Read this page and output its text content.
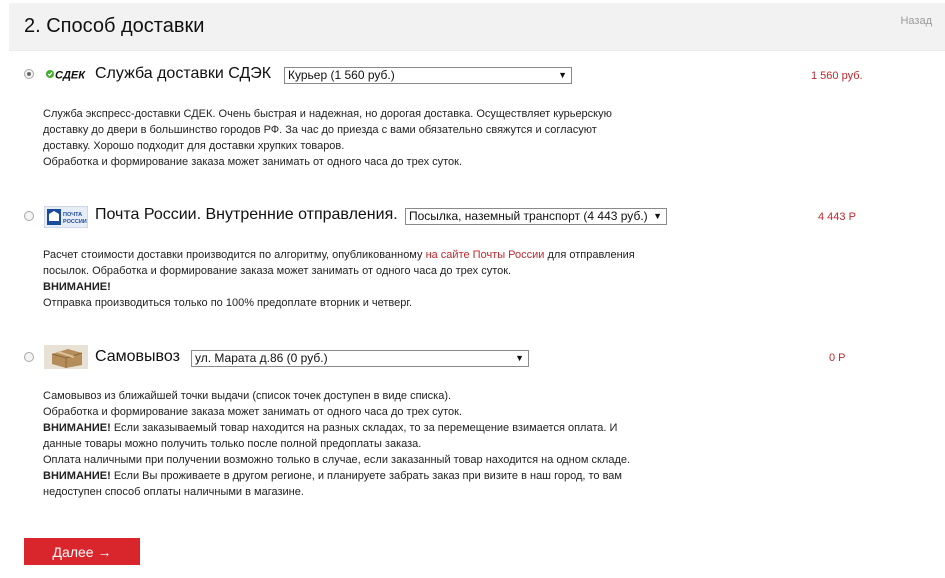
2. Способ доставки	Назад
СДЕК Служба доставки СДЭК	Курьер (1 560 руб.)	▼	1 560 руб.

Служба экспресс-доставки СДЕК. Очень быстрая и надежная, но дорогая доставка. Осуществляет курьерскую

доставку до двери в большинство городов РФ. За час до приезда с вами обязательно свяжутся и согласуют

доставку. Хорошо подходит для доставки хрупких товаров.

Обработка и формирование заказа может занимать от одного часа до трех суток.

ПОЧТА
РОССИИ Почта России. Внутренние отправления. Посылка, наземный транспорт (4 443 руб.) ▼	4 443 Р

Расчет стоимости доставки производится по алгоритму, опубликованному на сайте Почты России для отправления

посылок. Обработка и формирование заказа может занимать от одного часа до трех суток.

ВНИМАНИЕ!

Отправка производиться только по 100% предоплате вторник и четверг.

Самовывоз	ул. Марата д.86 (0 руб.)	▼	0 Р

Самовывоз из ближайшей точки выдачи (список точек доступен в виде списка).

Обработка и формирование заказа может занимать от одного часа до трех суток.

ВНИМАНИЕ! Если заказываемый товар находится на разных складах, то за перемещение взимается оплата. И

данные товары можно получить только после полной предоплаты заказа.

Оплата наличными при получении возможно только в случае, если заказанный товар находится на одном складе.

ВНИМАНИЕ! Если Вы проживаете в другом регионе, и планируете забрать заказ при визите в наш город, то вам

недоступен способ оплаты наличными в магазине.

Далее →
